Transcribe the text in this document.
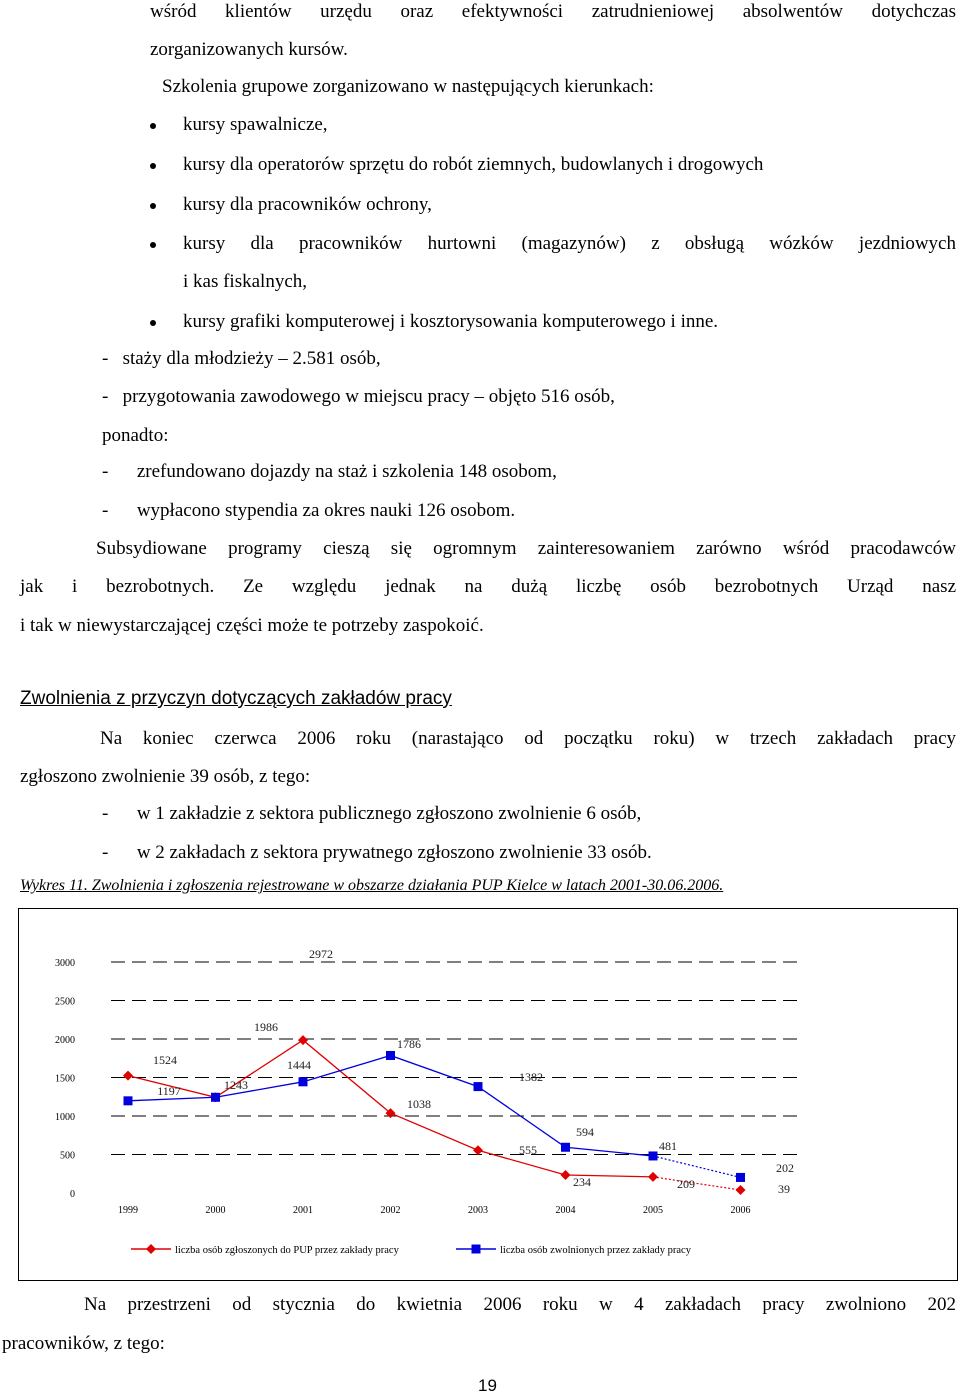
wśród klientów urzędu oraz efektywności zatrudnieniowej absolwentów dotychczas
zorganizowanych kursów.
Szkolenia grupowe zorganizowano w następujących kierunkach:
kursy spawalnicze,
kursy dla operatorów sprzętu do robót ziemnych, budowlanych i drogowych
kursy dla pracowników ochrony,
kursy dla pracowników hurtowni (magazynów) z obsługą wózków jezdniowych
i kas fiskalnych,
kursy grafiki komputerowej i kosztorysowania komputerowego i inne.
-   staży dla młodzieży – 2.581 osób,
-   przygotowania zawodowego w miejscu pracy – objęto 516 osób,
ponadto:
-      zrefundowano dojazdy na staż i szkolenia 148 osobom,
-      wypłacono stypendia za okres nauki 126 osobom.
Subsydiowane programy cieszą się ogromnym zainteresowaniem zarówno wśród pracodawców
jak i bezrobotnych. Ze względu jednak na dużą liczbę osób bezrobotnych Urząd nasz
i tak w niewystarczającej części może te potrzeby zaspokoić.
Zwolnienia z przyczyn dotyczących zakładów pracy
Na koniec czerwca 2006 roku (narastająco od początku roku) w trzech zakładach pracy
zgłoszono zwolnienie 39 osób, z tego:
-      w 1 zakładzie z sektora publicznego zgłoszono zwolnienie 6 osób,
-      w 2 zakładach z sektora prywatnego zgłoszono zwolnienie 33 osób.
Wykres 11. Zwolnienia i zgłoszenia rejestrowane w obszarze działania PUP Kielce w latach 2001-30.06.2006.
0
500
1000
1500
2000
2500
3000
1999	2000	2001	2002	2003	2004	2005	2006
1524
1197	1243
1986
1444
2972
1786
1038
1382
555
594
234
481
209
202
39
liczba osób zgłoszonych do PUP przez zakłady pracy	liczba osób zwolnionych przez zakłady pracy
Na przestrzeni od stycznia do kwietnia 2006 roku w 4 zakładach pracy zwolniono 202
pracowników, z tego:
19
